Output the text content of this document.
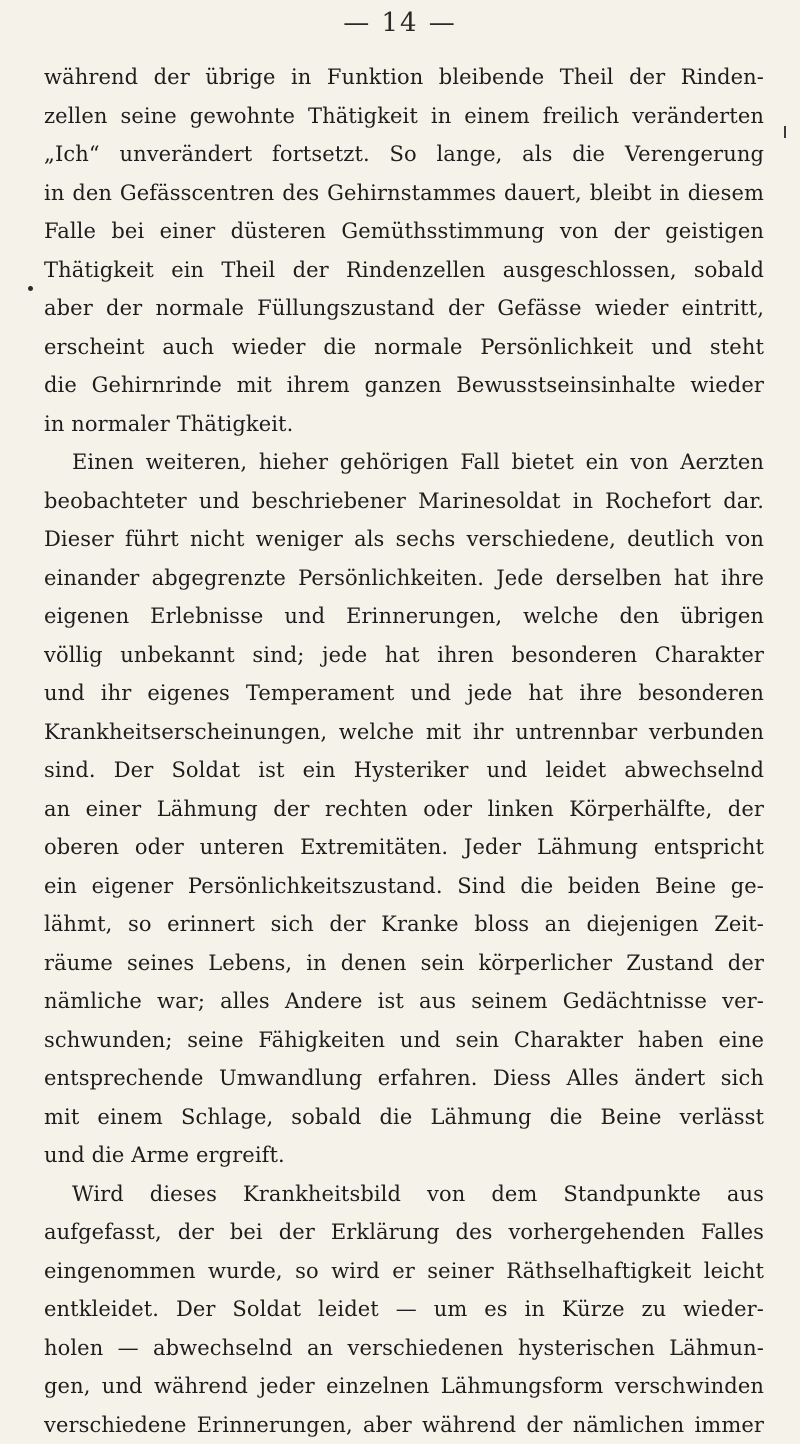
— 14 —
während der übrige in Funktion bleibende Theil der Rinden-
zellen seine gewohnte Thätigkeit in einem freilich veränderten
„Ich“ unverändert fortsetzt. So lange, als die Verengerung
in den Gefässcentren des Gehirnstammes dauert, bleibt in diesem
Falle bei einer düsteren Gemüthsstimmung von der geistigen
Thätigkeit ein Theil der Rindenzellen ausgeschlossen, sobald
aber der normale Füllungszustand der Gefässe wieder eintritt,
erscheint auch wieder die normale Persönlichkeit und steht
die Gehirnrinde mit ihrem ganzen Bewusstseinsinhalte wieder
in normaler Thätigkeit.
Einen weiteren, hieher gehörigen Fall bietet ein von Aerzten
beobachteter und beschriebener Marinesoldat in Rochefort dar.
Dieser führt nicht weniger als sechs verschiedene, deutlich von
einander abgegrenzte Persönlichkeiten. Jede derselben hat ihre
eigenen Erlebnisse und Erinnerungen, welche den übrigen
völlig unbekannt sind; jede hat ihren besonderen Charakter
und ihr eigenes Temperament und jede hat ihre besonderen
Krankheitserscheinungen, welche mit ihr untrennbar verbunden
sind. Der Soldat ist ein Hysteriker und leidet abwechselnd
an einer Lähmung der rechten oder linken Körperhälfte, der
oberen oder unteren Extremitäten. Jeder Lähmung entspricht
ein eigener Persönlichkeitszustand. Sind die beiden Beine ge-
lähmt, so erinnert sich der Kranke bloss an diejenigen Zeit-
räume seines Lebens, in denen sein körperlicher Zustand der
nämliche war; alles Andere ist aus seinem Gedächtnisse ver-
schwunden; seine Fähigkeiten und sein Charakter haben eine
entsprechende Umwandlung erfahren. Diess Alles ändert sich
mit einem Schlage, sobald die Lähmung die Beine verlässt
und die Arme ergreift.
Wird dieses Krankheitsbild von dem Standpunkte aus
aufgefasst, der bei der Erklärung des vorhergehenden Falles
eingenommen wurde, so wird er seiner Räthselhaftigkeit leicht
entkleidet. Der Soldat leidet — um es in Kürze zu wieder-
holen — abwechselnd an verschiedenen hysterischen Lähmun-
gen, und während jeder einzelnen Lähmungsform verschwinden
verschiedene Erinnerungen, aber während der nämlichen immer
